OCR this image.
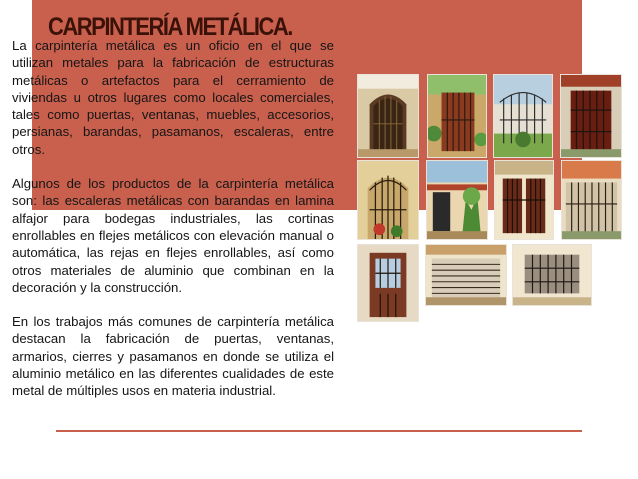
CARPINTERÍA METÁLICA.

La carpintería metálica es un oficio en el que se utilizan metales para la fabricación de estructuras metálicas o artefactos para el cerramiento de viviendas u otros lugares como locales comerciales, tales como puertas, ventanas, muebles, accesorios, persianas, barandas, pasamanos, escaleras, entre otros.

Algunos de los productos de la carpintería metálica son: las escaleras metálicas con barandas en lamina alfajor para bodegas industriales, las cortinas enrollables en flejes metálicos con elevación manual o automática, las rejas en flejes enrollables, así como otros materiales de aluminio que combinan en la decoración y la construcción.

En los trabajos más comunes de carpintería metálica destacan la fabricación de puertas, ventanas, armarios, cierres y pasamanos en donde se utiliza el aluminio metálico en las diferentes cualidades de este metal de múltiples usos en materia industrial.
